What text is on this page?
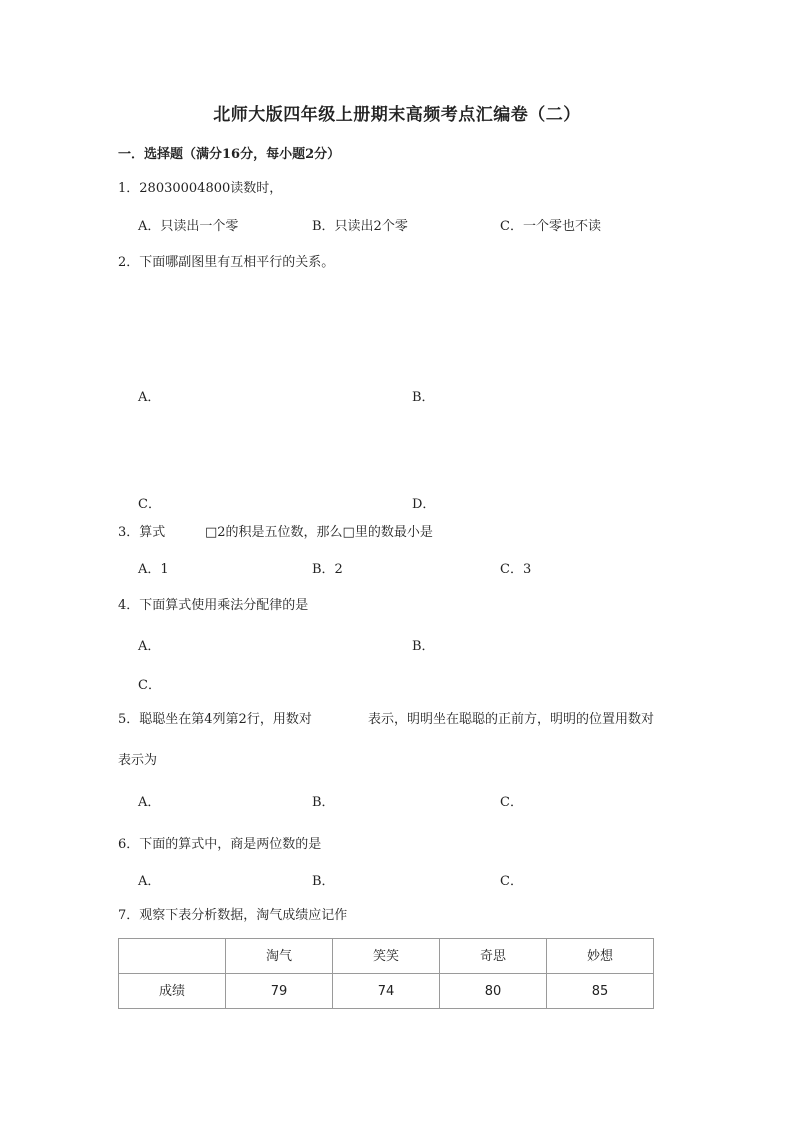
北师大版四年级上册期末高频考点汇编卷（二）
一．选择题（满分16分，每小题2分）
1．28030004800读数时，
A．只读出一个零	B．只读出2个零	C．一个零也不读
2．下面哪副图里有互相平行的关系。
A．	B．
C．	D．
3．算式	□2的积是五位数，那么□里的数最小是
A．1	B．2	C．3
4．下面算式使用乘法分配律的是
A．	B．
C．
5．聪聪坐在第4列第2行，用数对	表示，明明坐在聪聪的正前方，明明的位置用数对
表示为
A．	B．	C．
6．下面的算式中，商是两位数的是
A．	B．	C．
7．观察下表分析数据，淘气成绩应记作
	淘气	笑笑	奇思	妙想
成绩	79	74	80	85
